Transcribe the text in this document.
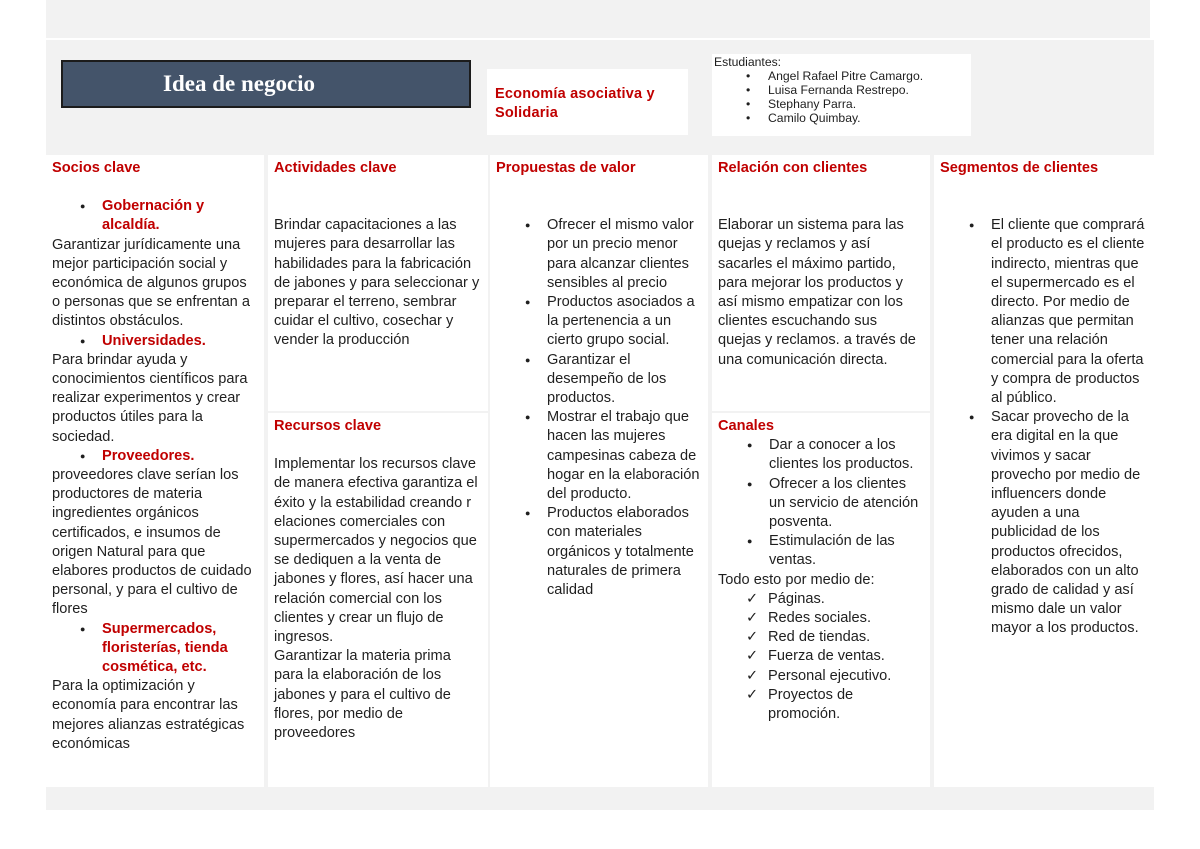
Idea de negocio	Economía asociativa y Solidaria
Estudiantes:
• Angel Rafael Pitre Camargo.
• Luisa Fernanda Restrepo.
• Stephany Parra.
• Camilo Quimbay.
Socios clave
● Gobernación y alcaldía.
Garantizar jurídicamente una mejor participación social y económica de algunos grupos o personas que se enfrentan a distintos obstáculos.
● Universidades.
Para brindar ayuda y conocimientos científicos para realizar experimentos y crear productos útiles para la sociedad.
● Proveedores.
proveedores clave serían los productores de materia ingredientes orgánicos certificados, e insumos de origen Natural para que elabores productos de cuidado personal, y para el cultivo de flores
● Supermercados, floristerías, tienda cosmética, etc.
Para la optimización y economía para encontrar las mejores alianzas estratégicas económicas
Actividades clave
Brindar capacitaciones a las mujeres para desarrollar las habilidades para la fabricación de jabones y para seleccionar y preparar el terreno, sembrar cuidar el cultivo, cosechar y vender la producción
Recursos clave
Implementar los recursos clave de manera efectiva garantiza el éxito y la estabilidad creando r elaciones comerciales con supermercados y negocios que se dediquen a la venta de jabones y flores, así hacer una relación comercial con los clientes y crear un flujo de ingresos.
Garantizar la materia prima para la elaboración de los jabones y para el cultivo de flores, por medio de proveedores
Propuestas de valor
● Ofrecer el mismo valor por un precio menor para alcanzar clientes sensibles al precio
● Productos asociados a la pertenencia a un cierto grupo social.
● Garantizar el desempeño de los productos.
● Mostrar el trabajo que hacen las mujeres campesinas cabeza de hogar en la elaboración del producto.
● Productos elaborados con materiales orgánicos y totalmente naturales de primera calidad
Relación con clientes
Elaborar un sistema para las quejas y reclamos y así sacarles el máximo partido, para mejorar los productos y así mismo empatizar con los clientes escuchando sus quejas y reclamos. a través de una comunicación directa.
Canales
● Dar a conocer a los clientes los productos.
● Ofrecer a los clientes un servicio de atención posventa.
● Estimulación de las ventas.
Todo esto por medio de:
✓ Páginas.
✓ Redes sociales.
✓ Red de tiendas.
✓ Fuerza de ventas.
✓ Personal ejecutivo.
✓ Proyectos de promoción.
Segmentos de clientes
● El cliente que comprará el producto es el cliente indirecto, mientras que el supermercado es el directo. Por medio de alianzas que permitan tener una relación comercial para la oferta y compra de productos al público.
● Sacar provecho de la era digital en la que vivimos y sacar provecho por medio de influencers donde ayuden a una publicidad de los productos ofrecidos, elaborados con un alto grado de calidad y así mismo dale un valor mayor a los productos.
